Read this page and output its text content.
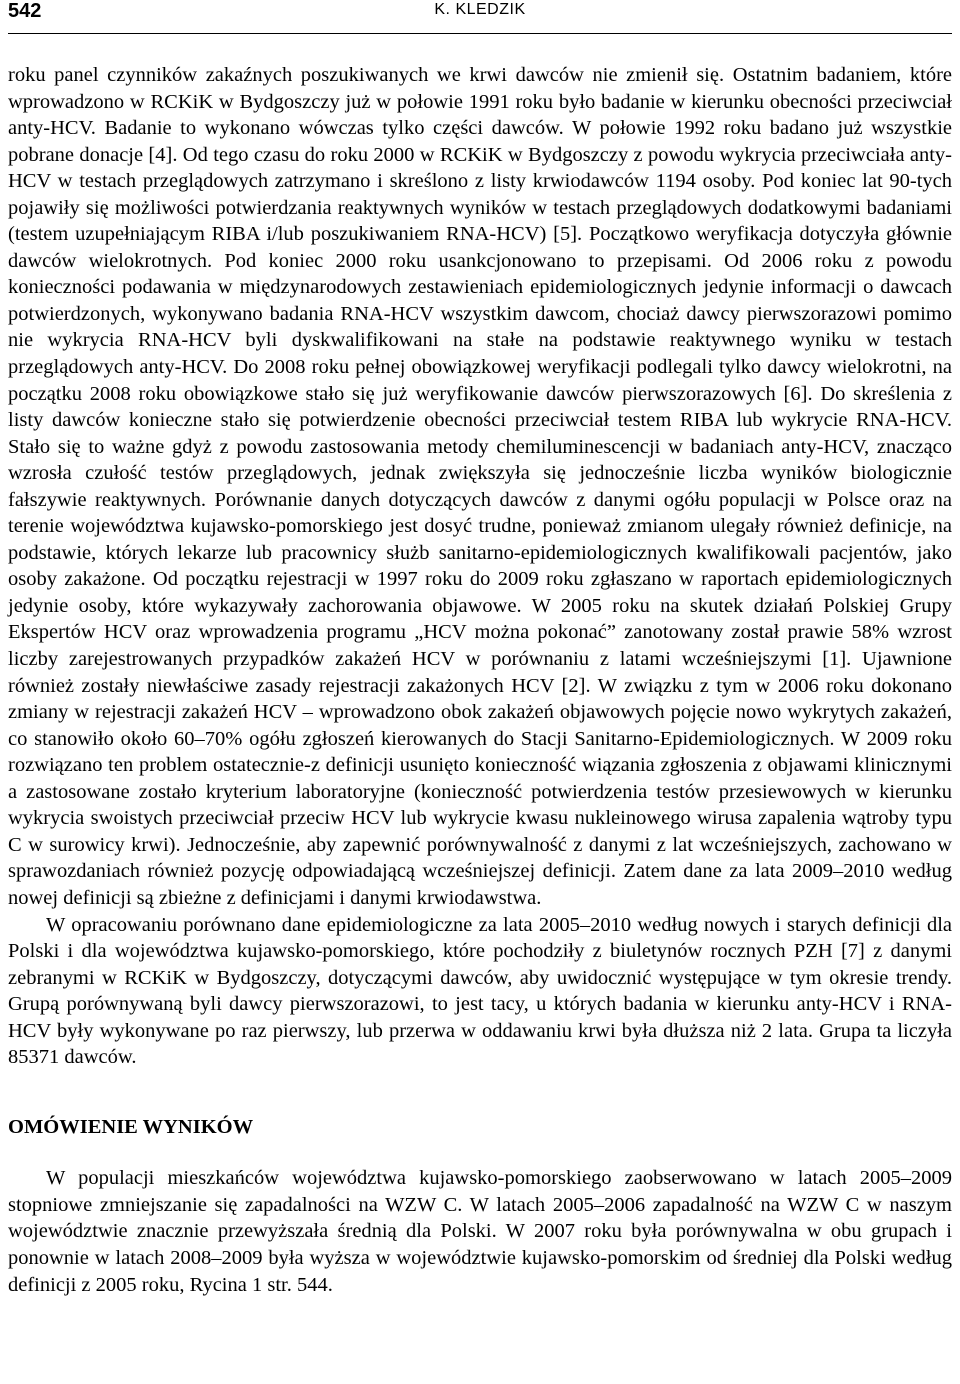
542	K. KLEDZIK

roku panel czynników zakaźnych poszukiwanych we krwi dawców nie zmienił się. Ostatnim badaniem, które wprowadzono w RCKiK w Bydgoszczy już w połowie 1991 roku było badanie w kierunku obecności przeciwciał anty-HCV. Badanie to wykonano wówczas tylko części dawców. W połowie 1992 roku badano już wszystkie pobrane donacje [4]. Od tego czasu do roku 2000 w RCKiK w Bydgoszczy z powodu wykrycia przeciwciała anty-HCV w testach przeglądowych zatrzymano i skreślono z listy krwiodawców 1194 osoby. Pod koniec lat 90-tych pojawiły się możliwości potwierdzania reaktywnych wyników w testach przeglądowych dodatkowymi badaniami (testem uzupełniającym RIBA i/lub poszukiwaniem RNA-HCV) [5]. Początkowo weryfikacja dotyczyła głównie dawców wielokrotnych. Pod koniec 2000 roku usankcjonowano to przepisami. Od 2006 roku z powodu konieczności podawania w międzynarodowych zestawieniach epidemiologicznych jedynie informacji o dawcach potwierdzonych, wykonywano badania RNA-HCV wszystkim dawcom, chociaż dawcy pierwszorazowi pomimo nie wykrycia RNA-HCV byli dyskwalifikowani na stałe na podstawie reaktywnego wyniku w testach przeglądowych anty-HCV. Do 2008 roku pełnej obowiązkowej weryfikacji podlegali tylko dawcy wielokrotni, na początku 2008 roku obowiązkowe stało się już weryfikowanie dawców pierwszorazowych [6]. Do skreślenia z listy dawców konieczne stało się potwierdzenie obecności przeciwciał testem RIBA lub wykrycie RNA-HCV. Stało się to ważne gdyż z powodu zastosowania metody chemiluminescencji w badaniach anty-HCV, znacząco wzrosła czułość testów przeglądowych, jednak zwiększyła się jednocześnie liczba wyników biologicznie fałszywie reaktywnych. Porównanie danych dotyczących dawców z danymi ogółu populacji w Polsce oraz na terenie województwa kujawsko-pomorskiego jest dosyć trudne, ponieważ zmianom ulegały również definicje, na podstawie, których lekarze lub pracownicy służb sanitarno-epidemiologicznych kwalifikowali pacjentów, jako osoby zakażone. Od początku rejestracji w 1997 roku do 2009 roku zgłaszano w raportach epidemiologicznych jedynie osoby, które wykazywały zachorowania objawowe. W 2005 roku na skutek działań Polskiej Grupy Ekspertów HCV oraz wprowadzenia programu „HCV można pokonać” zanotowany został prawie 58% wzrost liczby zarejestrowanych przypadków zakażeń HCV w porównaniu z latami wcześniejszymi [1]. Ujawnione również zostały niewłaściwe zasady rejestracji zakażonych HCV [2]. W związku z tym w 2006 roku dokonano zmiany w rejestracji zakażeń HCV – wprowadzono obok zakażeń objawowych pojęcie nowo wykrytych zakażeń, co stanowiło około 60–70% ogółu zgłoszeń kierowanych do Stacji Sanitarno-Epidemiologicznych. W 2009 roku rozwiązano ten problem ostatecznie-z definicji usunięto konieczność wiązania zgłoszenia z objawami klinicznymi a zastosowane zostało kryterium laboratoryjne (konieczność potwierdzenia testów przesiewowych w kierunku wykrycia swoistych przeciwciał przeciw HCV lub wykrycie kwasu nukleinowego wirusa zapalenia wątroby typu C w surowicy krwi). Jednocześnie, aby zapewnić porównywalność z danymi z lat wcześniejszych, zachowano w sprawozdaniach również pozycję odpowiadającą wcześniejszej definicji. Zatem dane za lata 2009–2010 według nowej definicji są zbieżne z definicjami i danymi krwiodawstwa.

W opracowaniu porównano dane epidemiologiczne za lata 2005–2010 według nowych i starych definicji dla Polski i dla województwa kujawsko-pomorskiego, które pochodziły z biuletynów rocznych PZH [7] z danymi zebranymi w RCKiK w Bydgoszczy, dotyczącymi dawców, aby uwidocznić występujące w tym okresie trendy. Grupą porównywaną byli dawcy pierwszorazowi, to jest tacy, u których badania w kierunku anty-HCV i RNA-HCV były wykonywane po raz pierwszy, lub przerwa w oddawaniu krwi była dłuższa niż 2 lata. Grupa ta liczyła 85371 dawców.

OMÓWIENIE WYNIKÓW

W populacji mieszkańców województwa kujawsko-pomorskiego zaobserwowano w latach 2005–2009 stopniowe zmniejszanie się zapadalności na WZW C. W latach 2005–2006 zapadalność na WZW C w naszym województwie znacznie przewyższała średnią dla Polski. W 2007 roku była porównywalna w obu grupach i ponownie w latach 2008–2009 była wyższa w województwie kujawsko-pomorskim od średniej dla Polski według definicji z 2005 roku, Rycina 1 str. 544.
